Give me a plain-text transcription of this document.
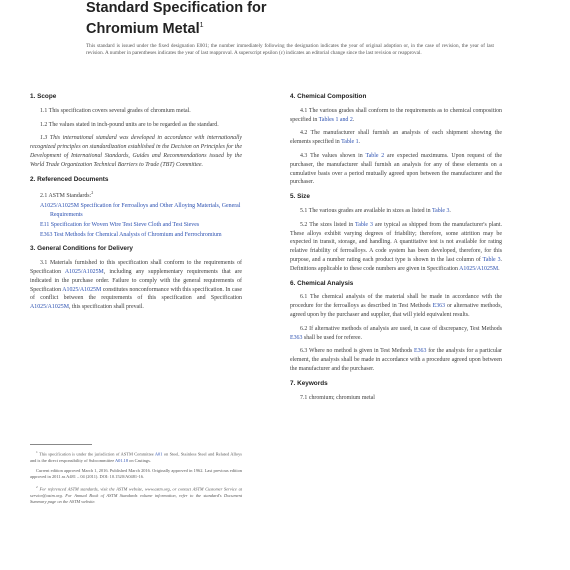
Standard Specification for
Chromium Metal$^1$
This standard is issued under the fixed designation E001; the number immediately following the designation indicates the year of original adoption or, in the case of revision, the year of last revision. A number in parentheses indicates the year of last reapproval. A superscript epsilon (ε) indicates an editorial change since the last revision or reapproval.
1. Scope
1.1 This specification covers several grades of chromium metal.
1.2 The values stated in inch-pound units are to be regarded as the standard.
1.3 This international standard was developed in accordance with internationally recognized principles on standardization established in the Decision on Principles for the Development of International Standards, Guides and Recommendations issued by the World Trade Organization Technical Barriers to Trade (TBT) Committee.
2. Referenced Documents
2.1 ASTM Standards:$^2$
A1025/A1025M Specification for Ferroalloys and Other Alloying Materials, General Requirements
E11 Specification for Woven Wire Test Sieve Cloth and Test Sieves
E363 Test Methods for Chemical Analysis of Chromium and Ferrochromium
3. General Conditions for Delivery
3.1 Materials furnished to this specification shall conform to the requirements of Specification A1025/A1025M, including any supplementary requirements that are indicated in the purchase order. Failure to comply with the general requirements of Specification A1025/A1025M constitutes nonconformance with this specification. In case of conflict between the requirements of this specification and Specification A1025/A1025M, this specification shall prevail.
$^1$ This specification is under the jurisdiction of ASTM Committee A01 on Steel, Stainless Steel and Related Alloys and is the direct responsibility of Subcommittee A01.18 on Castings.
Current edition approved March 1, 2016. Published March 2016. Originally approved in 1962. Last previous edition approved in 2011 as A481 – 04 (2011). DOI: 10.1520/A0481-16.
$^2$ For referenced ASTM standards, visit the ASTM website, www.astm.org, or contact ASTM Customer Service at service@astm.org. For Annual Book of ASTM Standards volume information, refer to the standard's Document Summary page on the ASTM website.
4. Chemical Composition
4.1 The various grades shall conform to the requirements as to chemical composition specified in Tables 1 and 2.
4.2 The manufacturer shall furnish an analysis of each shipment showing the elements specified in Table 1.
4.3 The values shown in Table 2 are expected maximums. Upon request of the purchaser, the manufacturer shall furnish an analysis for any of these elements on a cumulative basis over a period mutually agreed upon between the manufacturer and the purchaser.
5. Size
5.1 The various grades are available in sizes as listed in Table 3.
5.2 The sizes listed in Table 3 are typical as shipped from the manufacturer's plant. These alloys exhibit varying degrees of friability; therefore, some attrition may be expected in transit, storage, and handling. A quantitative test is not available for rating relative friability of ferroalloys. A code system has been developed, therefore, for this purpose, and a number rating each product type is shown in the last column of Table 3. Definitions applicable to these code numbers are given in Specification A1025/A1025M.
6. Chemical Analysis
6.1 The chemical analysis of the material shall be made in accordance with the procedure for the ferroalloys as described in Test Methods E363 or alternative methods, agreed upon by the purchaser and supplier, that will yield equivalent results.
6.2 If alternative methods of analysis are used, in case of discrepancy, Test Methods E363 shall be used for referee.
6.3 Where no method is given in Test Methods E363 for the analysis for a particular element, the analysis shall be made in accordance with a procedure agreed upon between the manufacturer and the purchaser.
7. Keywords
7.1 chromium; chromium metal
